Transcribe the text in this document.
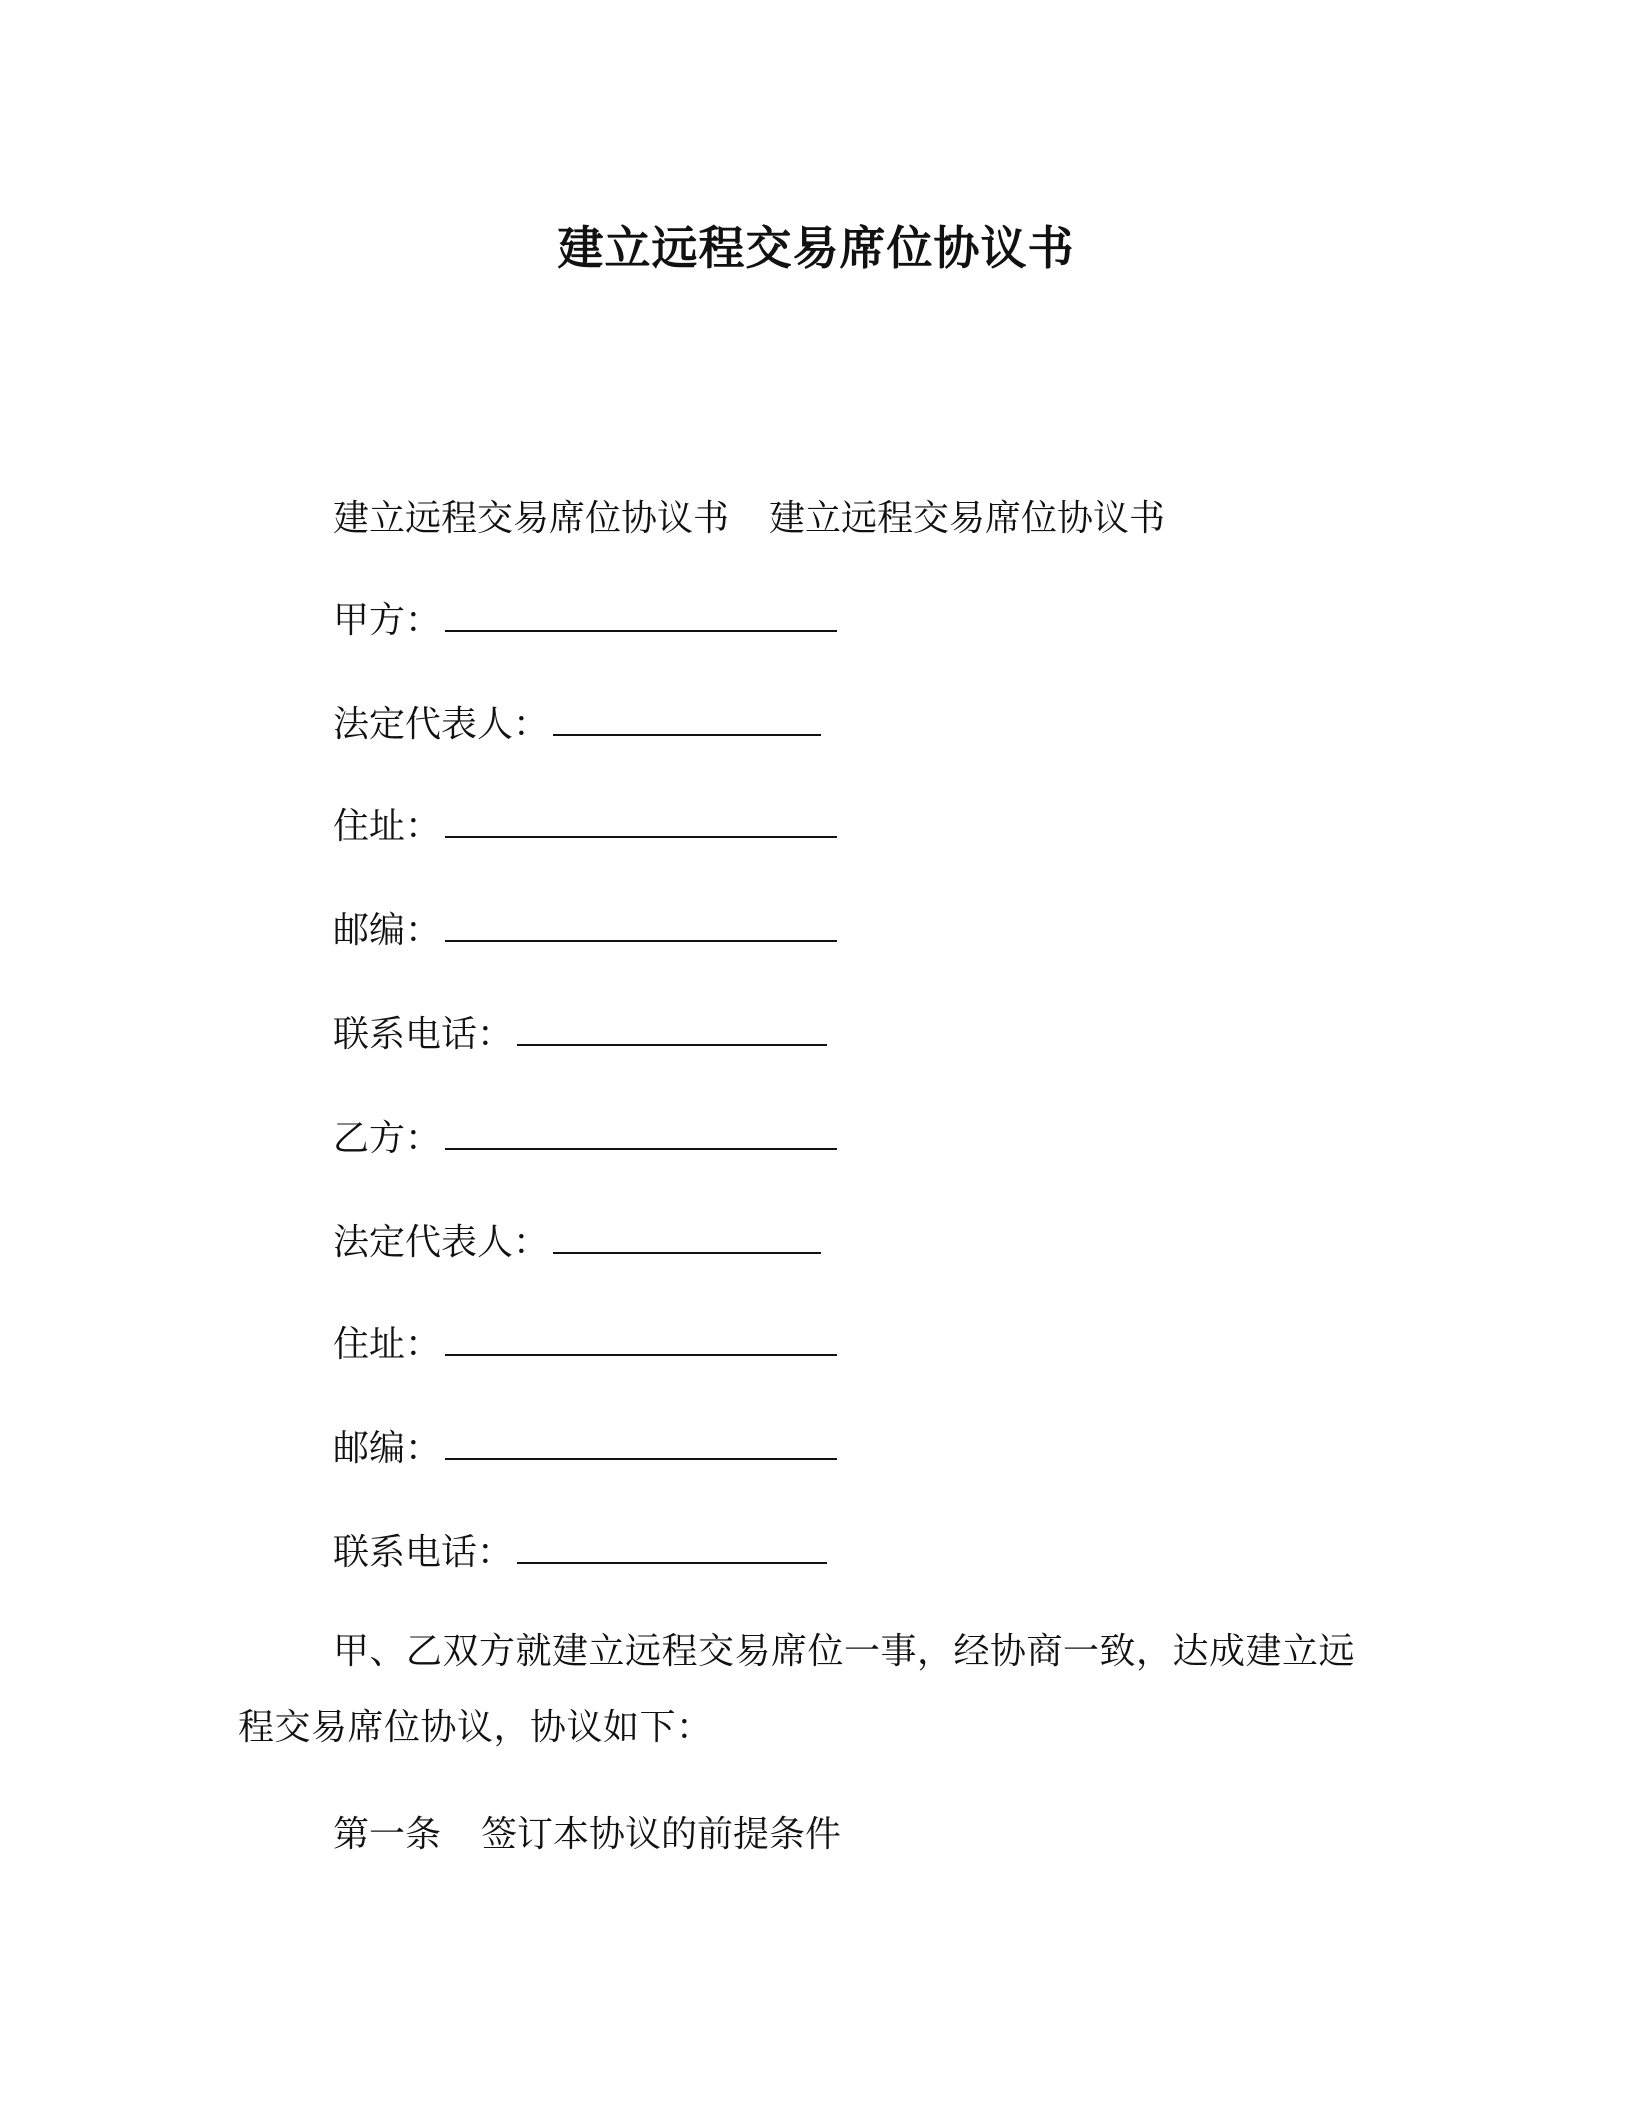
建立远程交易席位协议书
建立远程交易席位协议书 建立远程交易席位协议书
甲方：
法定代表人：
住址：
邮编：
联系电话：
乙方：
法定代表人：
住址：
邮编：
联系电话：
甲、乙双方就建立远程交易席位一事，经协商一致，达成建立远程交易席位协议，协议如下：
第一条 签订本协议的前提条件
